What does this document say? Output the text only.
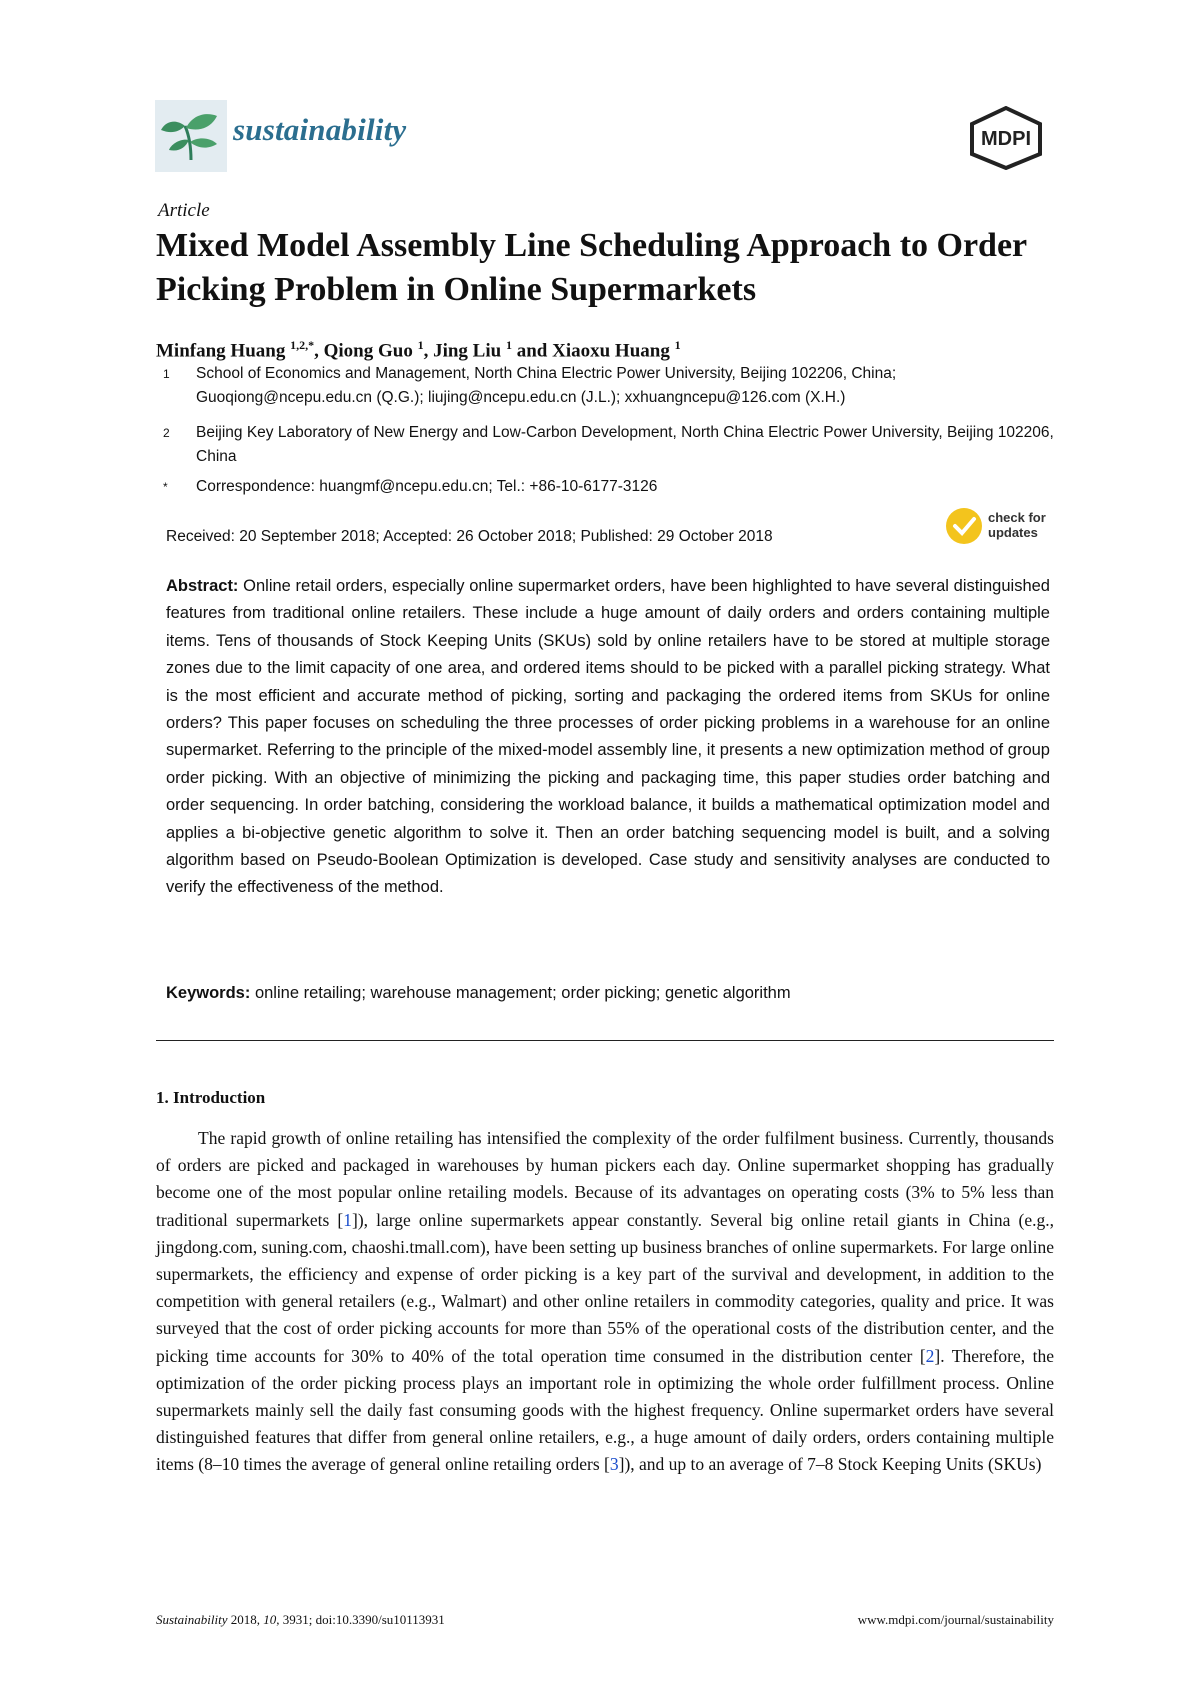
sustainability	MDPI
Article
Mixed Model Assembly Line Scheduling Approach to Order Picking Problem in Online Supermarkets
Minfang Huang $^{1,2,*}$, Qiong Guo $^1$, Jing Liu $^1$ and Xiaoxu Huang $^1$
1	School of Economics and Management, North China Electric Power University, Beijing 102206, China; Guoqiong@ncepu.edu.cn (Q.G.); liujing@ncepu.edu.cn (J.L.); xxhuangncepu@126.com (X.H.)
2	Beijing Key Laboratory of New Energy and Low-Carbon Development, North China Electric Power University, Beijing 102206, China
*	Correspondence: huangmf@ncepu.edu.cn; Tel.: +86-10-6177-3126
Received: 20 September 2018; Accepted: 26 October 2018; Published: 29 October 2018
check for
updates

Abstract: Online retail orders, especially online supermarket orders, have been highlighted to have several distinguished features from traditional online retailers. These include a huge amount of daily orders and orders containing multiple items. Tens of thousands of Stock Keeping Units (SKUs) sold by online retailers have to be stored at multiple storage zones due to the limit capacity of one area, and ordered items should to be picked with a parallel picking strategy. What is the most efficient and accurate method of picking, sorting and packaging the ordered items from SKUs for online orders? This paper focuses on scheduling the three processes of order picking problems in a warehouse for an online supermarket. Referring to the principle of the mixed-model assembly line, it presents a new optimization method of group order picking. With an objective of minimizing the picking and packaging time, this paper studies order batching and order sequencing. In order batching, considering the workload balance, it builds a mathematical optimization model and applies a bi-objective genetic algorithm to solve it. Then an order batching sequencing model is built, and a solving algorithm based on Pseudo-Boolean Optimization is developed. Case study and sensitivity analyses are conducted to verify the effectiveness of the method.

Keywords: online retailing; warehouse management; order picking; genetic algorithm
1. Introduction

The rapid growth of online retailing has intensified the complexity of the order fulfilment business. Currently, thousands of orders are picked and packaged in warehouses by human pickers each day. Online supermarket shopping has gradually become one of the most popular online retailing models. Because of its advantages on operating costs (3% to 5% less than traditional supermarkets [1]), large online supermarkets appear constantly. Several big online retail giants in China (e.g., jingdong.com, suning.com, chaoshi.tmall.com), have been setting up business branches of online supermarkets. For large online supermarkets, the efficiency and expense of order picking is a key part of the survival and development, in addition to the competition with general retailers (e.g., Walmart) and other online retailers in commodity categories, quality and price. It was surveyed that the cost of order picking accounts for more than 55% of the operational costs of the distribution center, and the picking time accounts for 30% to 40% of the total operation time consumed in the distribution center [2]. Therefore, the optimization of the order picking process plays an important role in optimizing the whole order fulfillment process. Online supermarkets mainly sell the daily fast consuming goods with the highest frequency. Online supermarket orders have several distinguished features that differ from general online retailers, e.g., a huge amount of daily orders, orders containing multiple items (8–10 times the average of general online retailing orders [3]), and up to an average of 7–8 Stock Keeping Units (SKUs)

Sustainability 2018, 10, 3931; doi:10.3390/su10113931	www.mdpi.com/journal/sustainability
